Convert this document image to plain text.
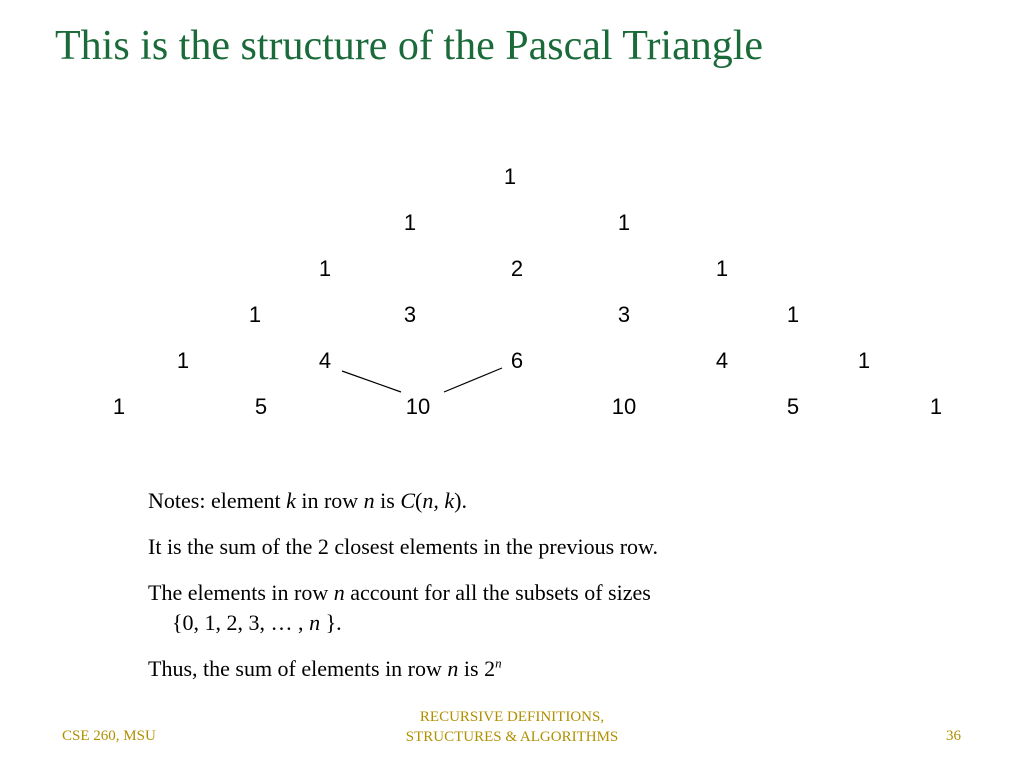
This is the structure of the Pascal Triangle
1
1	1
1	2	1
1	3	3	1
1	4	6	4	1
1	5	10	10	5	1

Notes: element k in row n is C(n, k).

It is the sum of the 2 closest elements in the previous row.

The elements in row n account for all the subsets of sizes

{0, 1, 2, 3, … , n }.

Thus, the sum of elements in row n is 2$^n$

CSE 260, MSU
RECURSIVE DEFINITIONS,
STRUCTURES & ALGORITHMS	36
